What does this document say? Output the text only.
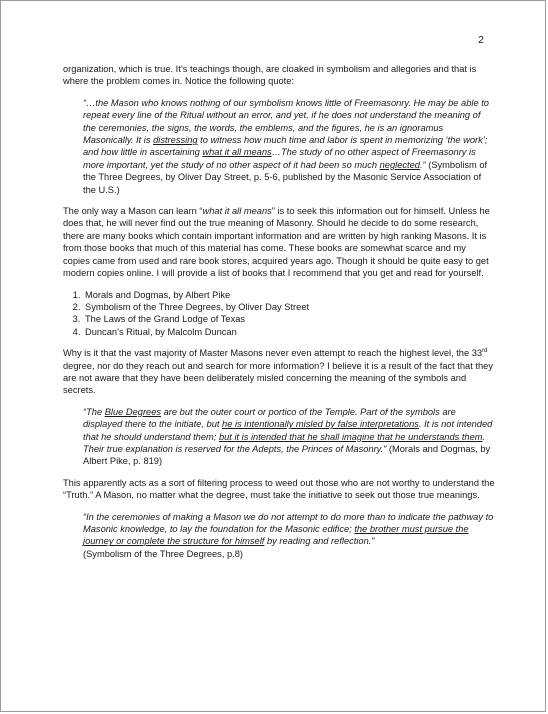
2

organization, which is true. It’s teachings though, are cloaked in symbolism and allegories and that is where the problem comes in. Notice the following quote:

“…the Mason who knows nothing of our symbolism knows little of Freemasonry. He may be able to repeat every line of the Ritual without an error, and yet, if he does not understand the meaning of the ceremonies, the signs, the words, the emblems, and the figures, he is an ignoramus Masonically. It is distressing to witness how much time and labor is spent in memorizing ‘the work’; and how little in ascertaining what it all means…The study of no other aspect of Freemasonry is more important, yet the study of no other aspect of it had been so much neglected.” (Symbolism of the Three Degrees, by Oliver Day Street, p. 5-6, published by the Masonic Service Association of the U.S.)

The only way a Mason can learn “what it all means” is to seek this information out for himself. Unless he does that, he will never find out the true meaning of Masonry. Should he decide to do some research, there are many books which contain important information and are written by high ranking Masons. It is from those books that much of this material has come. These books are somewhat scarce and my copies came from used and rare book stores, acquired years ago. Though it should be quite easy to get modern copies online. I will provide a list of books that I recommend that you get and read for yourself.

1. Morals and Dogmas, by Albert Pike
2. Symbolism of the Three Degrees, by Oliver Day Street
3. The Laws of the Grand Lodge of Texas
4. Duncan’s Ritual, by Malcolm Duncan

Why is it that the vast majority of Master Masons never even attempt to reach the highest level, the 33rd degree, nor do they reach out and search for more information? I believe it is a result of the fact that they are not aware that they have been deliberately misled concerning the meaning of the symbols and secrets.

“The Blue Degrees are but the outer court or portico of the Temple. Part of the symbols are displayed there to the initiate, but he is intentionally misled by false interpretations. It is not intended that he should understand them; but it is intended that he shall imagine that he understands them. Their true explanation is reserved for the Adepts, the Princes of Masonry.” (Morals and Dogmas, by Albert Pike, p. 819)

This apparently acts as a sort of filtering process to weed out those who are not worthy to understand the “Truth.” A Mason, no matter what the degree, must take the initiative to seek out those true meanings.

“In the ceremonies of making a Mason we do not attempt to do more than to indicate the pathway to Masonic knowledge, to lay the foundation for the Masonic edifice; the brother must pursue the journey or complete the structure for himself by reading and reflection.”
(Symbolism of the Three Degrees, p.8)
